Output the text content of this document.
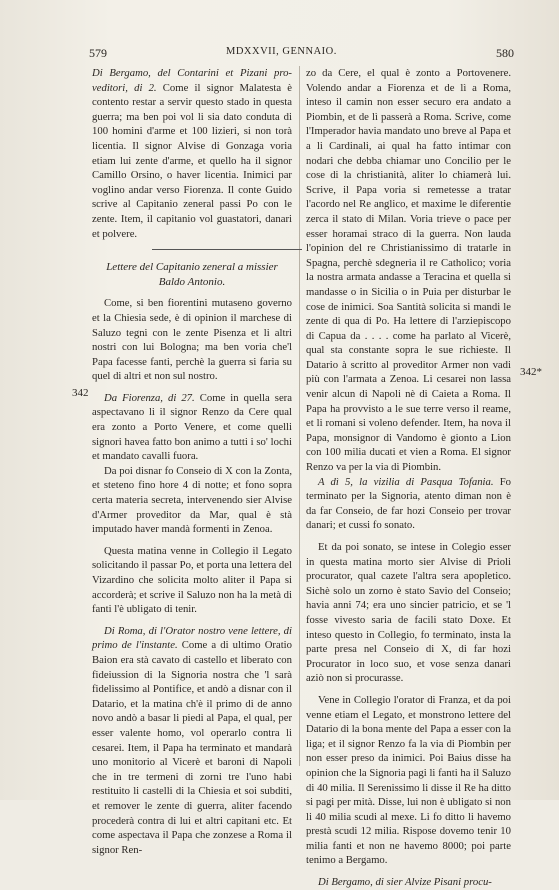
579	MDXXVII, GENNAIO.	580
342
342*

Di Bergamo, del Contarini et Pizani pro-veditori, di 2. Come il signor Malatesta è contento restar a servir questo stado in questa guerra; ma ben poi vol li sia dato conduta di 100 homini d'arme et 100 lizieri, si non torà licentia. Il signor Alvise di Gonzaga voria etiam lui zente d'arme, et quello ha il signor Camillo Orsino, o haver licentia. Inimici par voglino andar verso Fiorenza. Il conte Guido scrive al Capitanio zeneral passi Po con le zente. Item, il capitanio vol guastatori, danari et polvere.

Lettere del Capitanio zeneral a missier Baldo Antonio.

Come, si ben fiorentini mutaseno governo et la Chiesia sede, è di opinion il marchese di Saluzo tegni con le zente Pisenza et li altri nostri con lui Bologna; ma ben voria che'l Papa facesse fanti, perchè la guerra si faria su quel di altri et non sul nostro.

Da Fiorenza, di 27. Come in quella sera aspectavano li il signor Renzo da Cere qual era zonto a Porto Venere, et come quelli signori havea fatto bon animo a tutti i so' lochi et mandato cavalli fuora.

Da poi disnar fo Conseio di X con la Zonta, et steteno fino hore 4 di notte; et fono sopra certa materia secreta, intervenendo sier Alvise d'Armer proveditor da Mar, qual è stà imputado haver mandà formenti in Zenoa.

Questa matina venne in Collegio il Legato solicitando il passar Po, et porta una lettera del Vizardino che solicita molto aliter il Papa si accorderà; et scrive il Saluzo non ha la metà di fanti l'è ubligato di tenir.

Di Roma, di l'Orator nostro vene lettere, di primo de l'instante. Come a di ultimo Oratio Baion era stà cavato di castello et liberato con fideiussion di la Signoria nostra che 'l sarà fidelissimo al Pontifice, et andò a disnar con il Datario, et la matina ch'è il primo di de anno novo andò a basar li piedi al Papa, el qual, per esser valente homo, vol operarlo contra li cesarei. Item, il Papa ha terminato et mandarà uno monitorio al Vicerè et baroni di Napoli che in tre termeni di zorni tre l'uno habi restituito li castelli di la Chiesia et soi subditi, et remover le zente di guerra, aliter facendo procederà contra di lui et altri capitani etc. Et come aspectava il Papa che zonzese a Roma il signor Ren-

zo da Cere, el qual è zonto a Portovenere. Volendo andar a Fiorenza et de lì a Roma, inteso il camin non esser securo era andato a Piombin, et de lì passerà a Roma. Scrive, come l'Imperador havia mandato uno breve al Papa et a li Cardinali, ai qual ha fatto intimar con nodari che debba chiamar uno Concilio per le cose di la christianità, aliter lo chiamerà lui. Scrive, il Papa voria si remetesse a tratar l'acordo nel Re anglico, et maxime le diferentie zerca il stato di Milan. Voria trieve o pace per esser horamai straco di la guerra. Non lauda l'opinion del re Christianissimo di tratarle in Spagna, perchè sdegneria il re Catholico; voria la nostra armata andasse a Teracina et quella si mandasse o in Sicilia o in Puia per disturbar le cose de inimici. Soa Santità solicita si mandi le zente di qua di Po. Ha lettere di l'arziepiscopo di Capua da . . . . come ha parlato al Vicerè, qual sta constante sopra le sue richieste. Il Datario à scritto al proveditor Armer non vadi più con l'armata a Zenoa. Li cesarei non lassa venir alcun di Napoli nè di Caieta a Roma. Il Papa ha provvisto a le sue terre verso il reame, et li romani si voleno defender. Item, ha nova il Papa, monsignor di Vandomo è gionto a Lion con 100 milia ducati et vien a Roma. El signor Renzo va per la via di Piombin.

A dì 5, la vizilia di Pasqua Tofania. Fo terminato per la Signoria, atento diman non è da far Conseio, de far hozi Conseio per trovar danari; et cussi fo sonato.

Et da poi sonato, se intese in Colegio esser in questa matina morto sier Alvise di Prioli procurator, qual cazete l'altra sera apopletico. Sichè solo un zorno è stato Savio del Conseio; havia anni 74; era uno sincier patricio, et se 'l fosse vivesto saria de facili stato Doxe. Et inteso questo in Collegio, fo terminato, insta la parte presa nel Conseio di X, di far hozi Procurator in loco suo, et vose senza danari aziò non si procurasse.

Vene in Collegio l'orator di Franza, et da poi venne etiam el Legato, et monstrono lettere del Datario di la bona mente del Papa a esser con la liga; et il signor Renzo fa la via di Piombin per non esser preso da inimici. Poi Baius disse ha opinion che la Signoria pagi li fanti ha il Saluzo di 40 milia. Il Serenissimo li disse il Re ha ditto si pagi per mità. Disse, lui non è ubligato si non li 40 milia scudi al mexe. Li fo ditto li havemo prestà scudi 12 milia. Rispose dovemo tenir 10 milia fanti et non ne havemo 8000; poi parte tenimo a Bergamo.

Di Bergamo, di sier Alvize Pisani procu-
